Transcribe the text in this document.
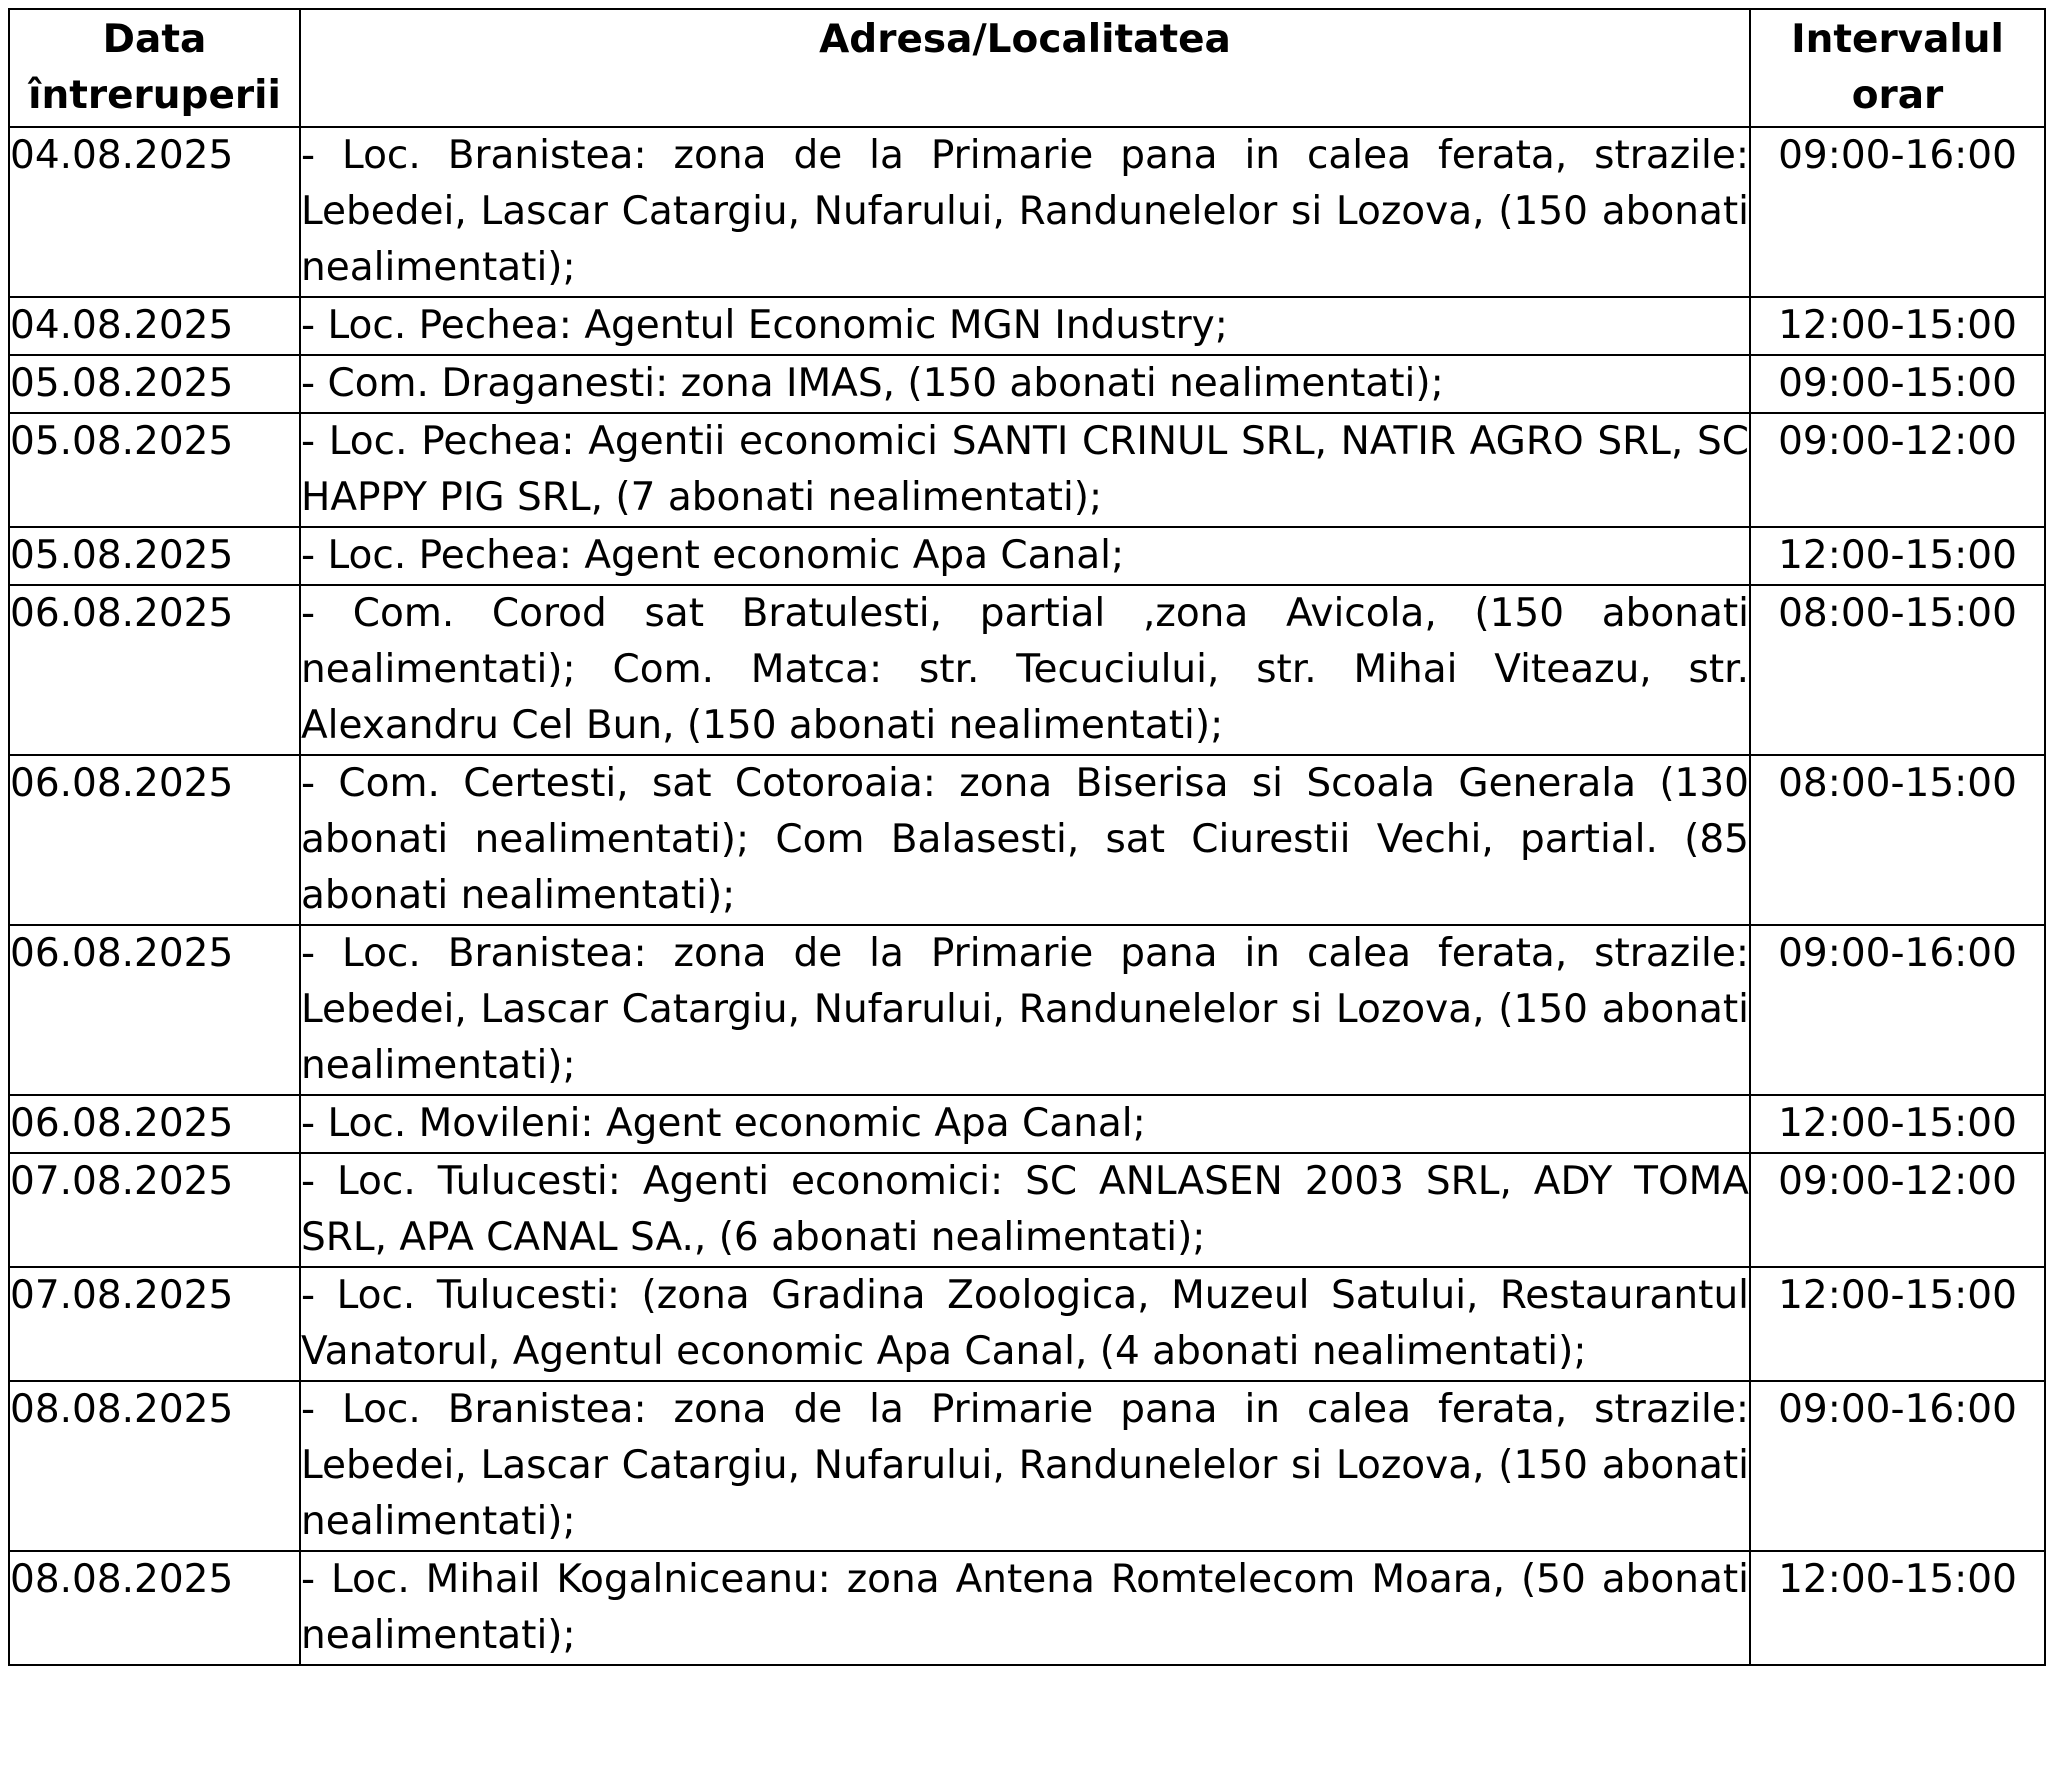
Data întreruperii	Adresa/Localitatea	Intervalul orar
04.08.2025	- Loc. Branistea: zona de la Primarie pana in calea ferata, strazile: Lebedei, Lascar Catargiu, Nufarului, Randunelelor si Lozova, (150 abonati nealimentati);	09:00-16:00
04.08.2025	- Loc. Pechea: Agentul Economic MGN Industry;	12:00-15:00
05.08.2025	- Com. Draganesti: zona IMAS, (150 abonati nealimentati);	09:00-15:00
05.08.2025	- Loc. Pechea: Agentii economici SANTI CRINUL SRL, NATIR AGRO SRL, SC HAPPY PIG SRL, (7 abonati nealimentati);	09:00-12:00
05.08.2025	- Loc. Pechea: Agent economic Apa Canal;	12:00-15:00
06.08.2025	- Com. Corod sat Bratulesti, partial ,zona Avicola, (150 abonati nealimentati); Com. Matca: str. Tecuciului, str. Mihai Viteazu, str. Alexandru Cel Bun, (150 abonati nealimentati);	08:00-15:00
06.08.2025	- Com. Certesti, sat Cotoroaia: zona Biserisa si Scoala Generala (130 abonati nealimentati); Com Balasesti, sat Ciurestii Vechi, partial. (85 abonati nealimentati);	08:00-15:00
06.08.2025	- Loc. Branistea: zona de la Primarie pana in calea ferata, strazile: Lebedei, Lascar Catargiu, Nufarului, Randunelelor si Lozova, (150 abonati nealimentati);	09:00-16:00
06.08.2025	- Loc. Movileni: Agent economic Apa Canal;	12:00-15:00
07.08.2025	- Loc. Tulucesti: Agenti economici: SC ANLASEN 2003 SRL, ADY TOMA SRL, APA CANAL SA., (6 abonati nealimentati);	09:00-12:00
07.08.2025	- Loc. Tulucesti: (zona Gradina Zoologica, Muzeul Satului, Restaurantul Vanatorul, Agentul economic Apa Canal, (4 abonati nealimentati);	12:00-15:00
08.08.2025	- Loc. Branistea: zona de la Primarie pana in calea ferata, strazile: Lebedei, Lascar Catargiu, Nufarului, Randunelelor si Lozova, (150 abonati nealimentati);	09:00-16:00
08.08.2025	- Loc. Mihail Kogalniceanu: zona Antena Romtelecom Moara, (50 abonati nealimentati);	12:00-15:00
